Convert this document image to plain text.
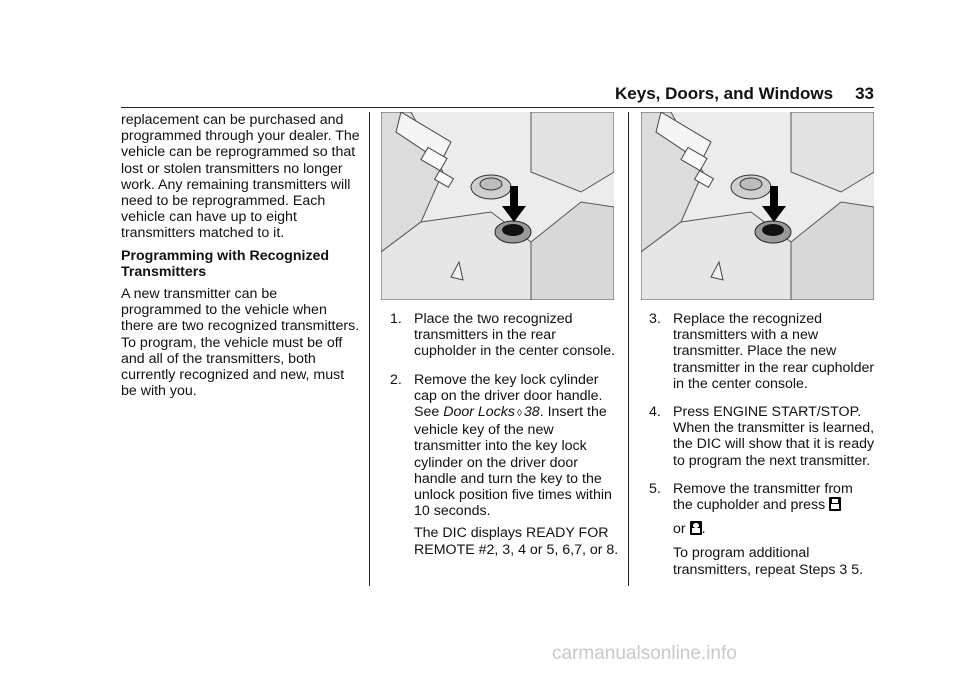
Keys, Doors, and Windows 33

replacement can be purchased and programmed through your dealer. The vehicle can be reprogrammed so that lost or stolen transmitters no longer work. Any remaining transmitters will need to be reprogrammed. Each vehicle can have up to eight transmitters matched to it.

Programming with Recognized
Transmitters

A new transmitter can be programmed to the vehicle when there are two recognized transmitters. To program, the vehicle must be off and all of the transmitters, both currently recognized and new, must be with you.

1. Place the two recognized transmitters in the rear cupholder in the center console.

2. Remove the key lock cylinder cap on the driver door handle. See Door Locks ◊ 38. Insert the vehicle key of the new transmitter into the key lock cylinder on the driver door handle and turn the key to the unlock position five times within 10 seconds.

The DIC displays READY FOR REMOTE #2, 3, 4 or 5, 6,7, or 8.

3. Replace the recognized transmitters with a new transmitter. Place the new transmitter in the rear cupholder in the center console.

4. Press ENGINE START/STOP. When the transmitter is learned, the DIC will show that it is ready to program the next transmitter.

5. Remove the transmitter from the cupholder and press

or .

To program additional transmitters, repeat Steps 3 5.

carmanualsonline.info
